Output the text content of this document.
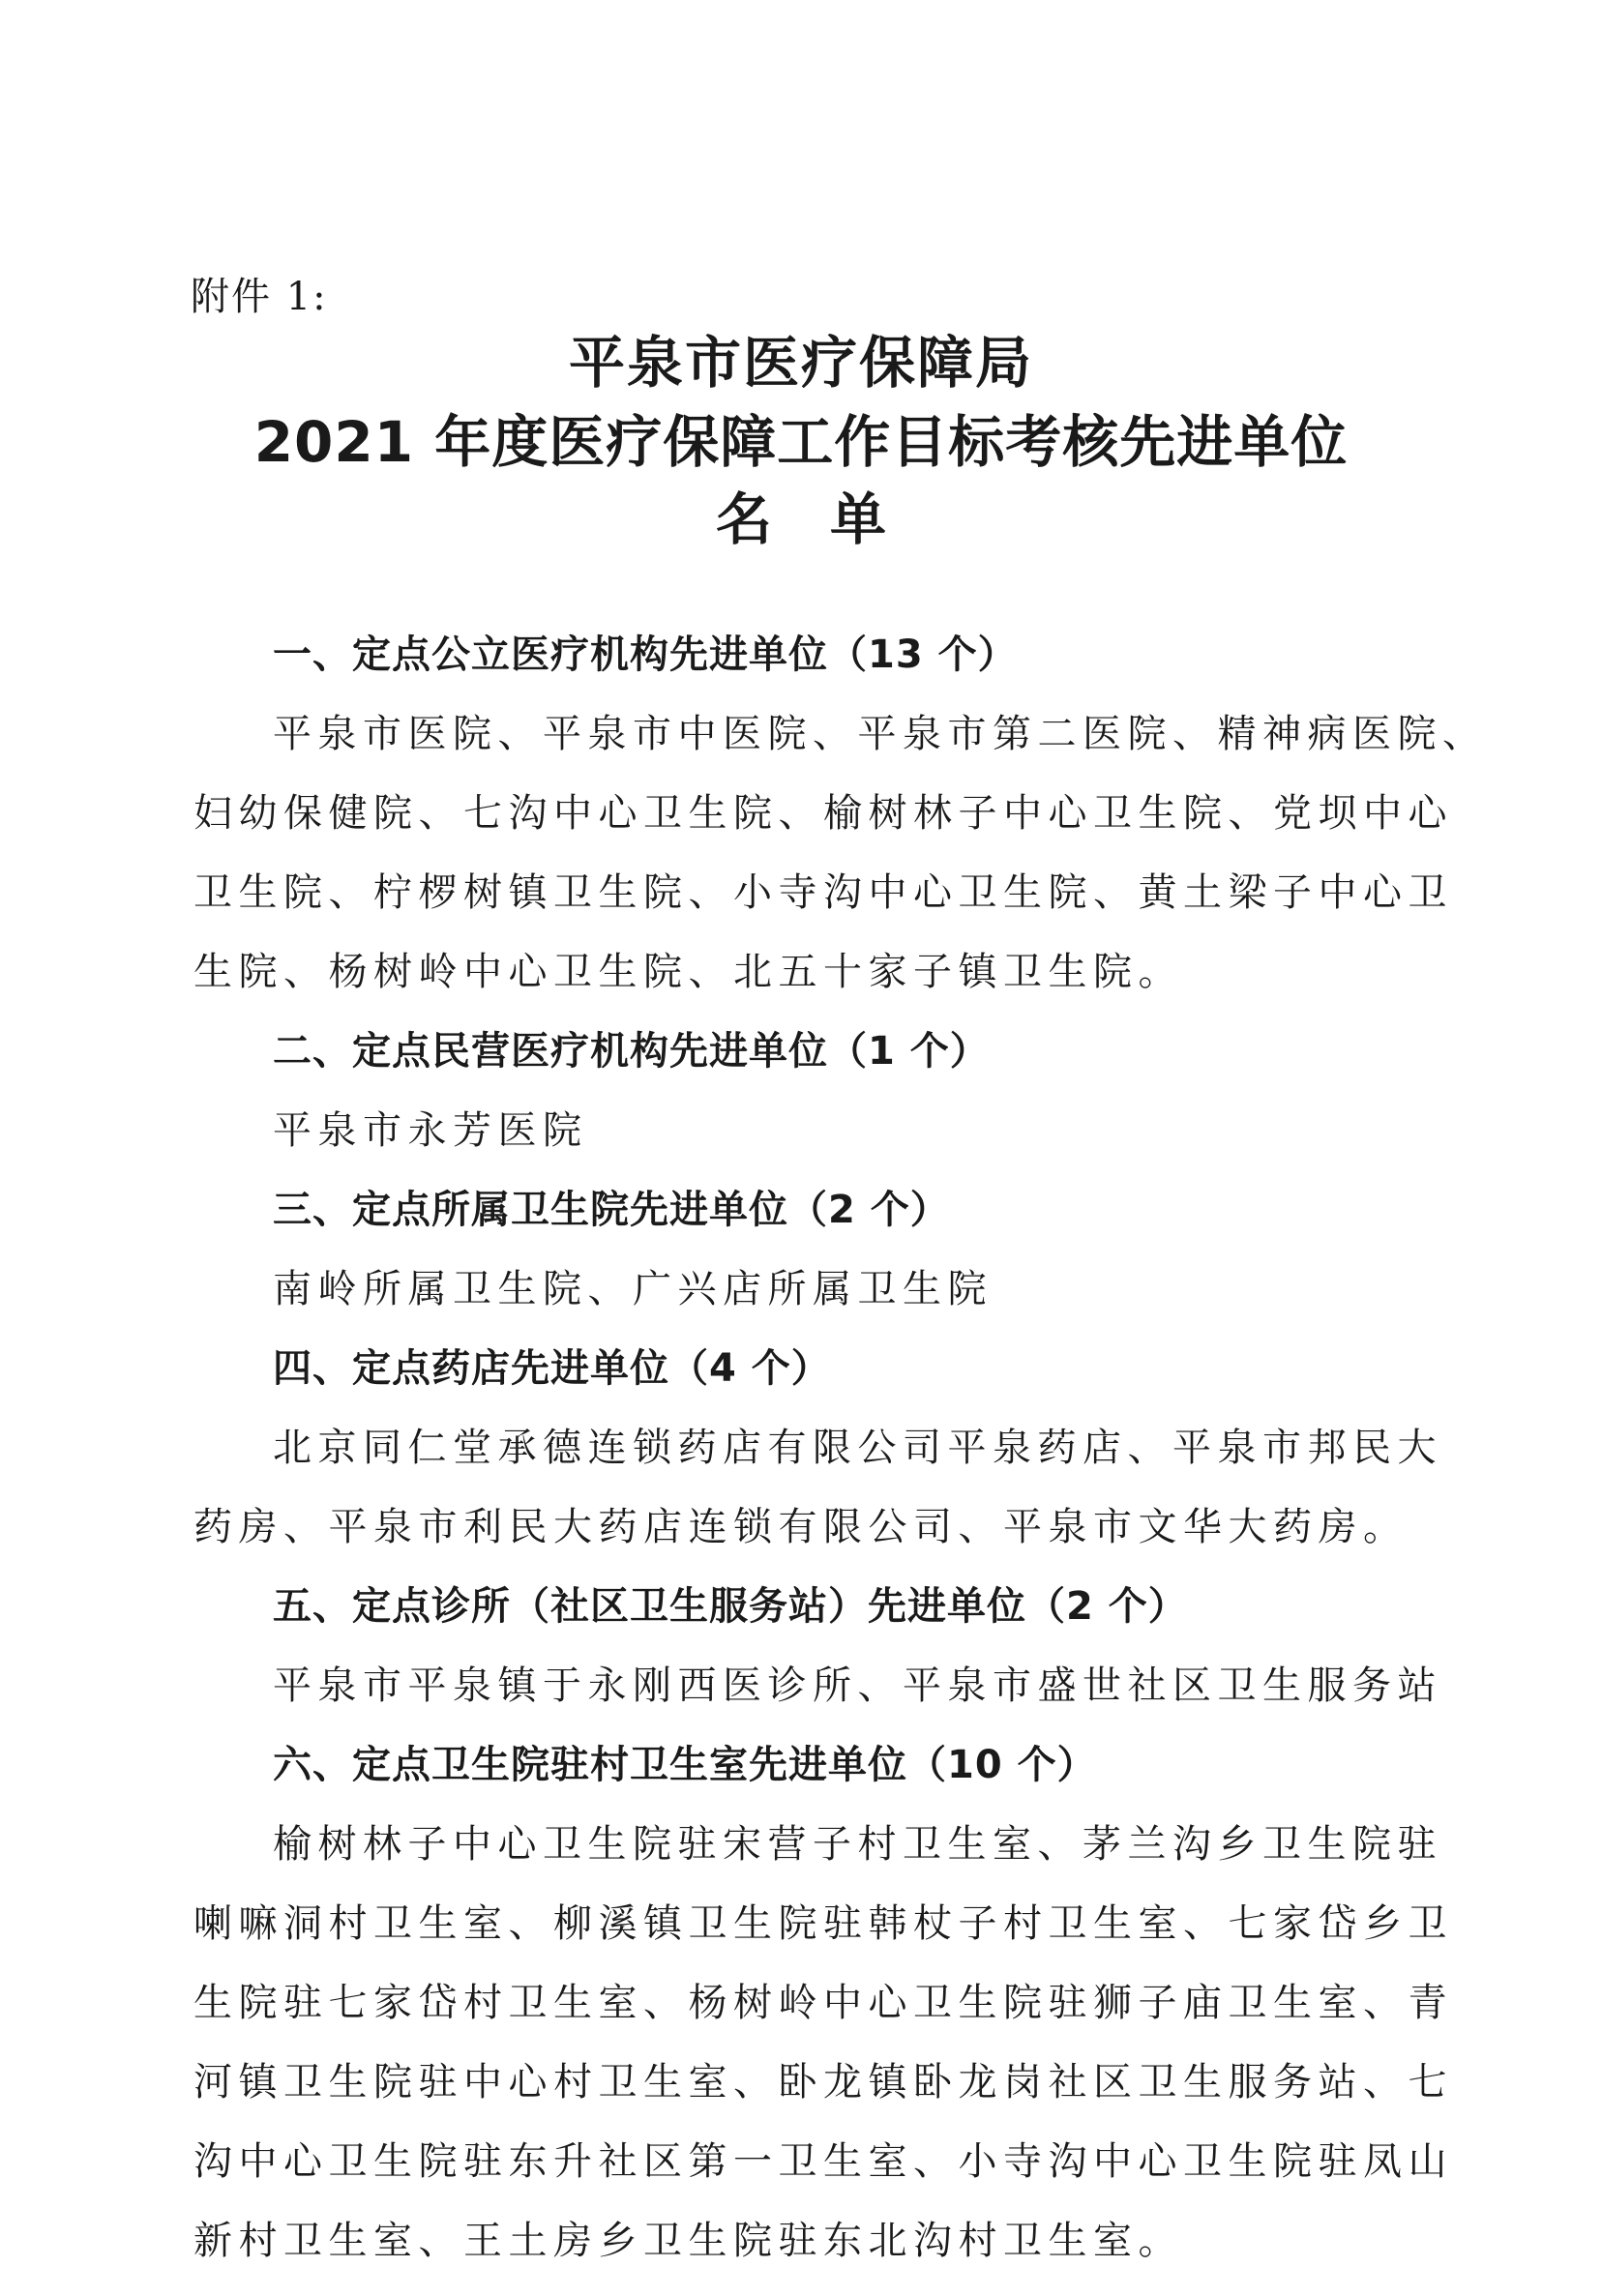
附件 1:
平泉市医疗保障局
2021 年度医疗保障工作目标考核先进单位
名单
一、定点公立医疗机构先进单位（13 个）
平泉市医院、平泉市中医院、平泉市第二医院、精神病医院、
妇幼保健院、七沟中心卫生院、榆树林子中心卫生院、党坝中心
卫生院、柠椤树镇卫生院、小寺沟中心卫生院、黄土梁子中心卫
生院、杨树岭中心卫生院、北五十家子镇卫生院。
二、定点民营医疗机构先进单位（1 个）
平泉市永芳医院
三、定点所属卫生院先进单位（2 个）
南岭所属卫生院、广兴店所属卫生院
四、定点药店先进单位（4 个）
北京同仁堂承德连锁药店有限公司平泉药店、平泉市邦民大
药房、平泉市利民大药店连锁有限公司、平泉市文华大药房。
五、定点诊所（社区卫生服务站）先进单位（2 个）
平泉市平泉镇于永刚西医诊所、平泉市盛世社区卫生服务站
六、定点卫生院驻村卫生室先进单位（10 个）
榆树林子中心卫生院驻宋营子村卫生室、茅兰沟乡卫生院驻
喇嘛洞村卫生室、柳溪镇卫生院驻韩杖子村卫生室、七家岱乡卫
生院驻七家岱村卫生室、杨树岭中心卫生院驻狮子庙卫生室、青
河镇卫生院驻中心村卫生室、卧龙镇卧龙岗社区卫生服务站、七
沟中心卫生院驻东升社区第一卫生室、小寺沟中心卫生院驻凤山
新村卫生室、王土房乡卫生院驻东北沟村卫生室。
